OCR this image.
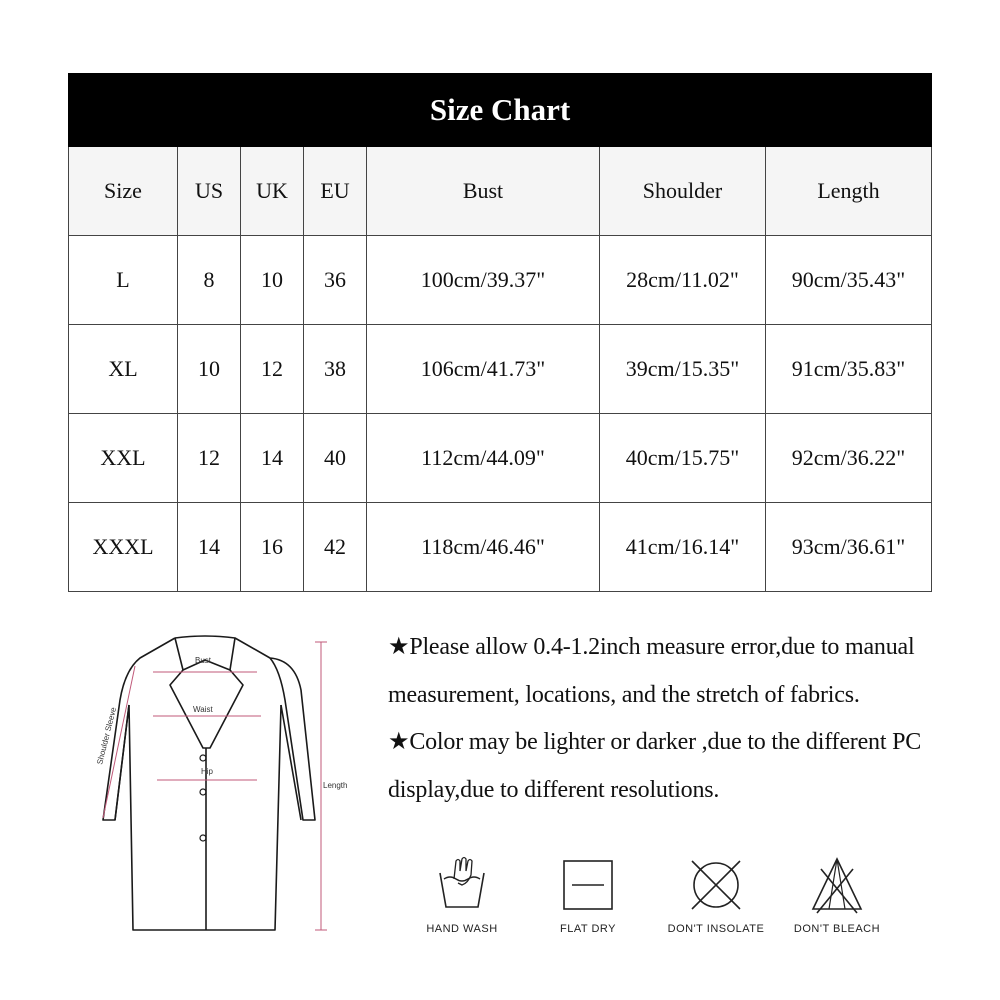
Size Chart						
Size	US	UK	EU	Bust	Shoulder	Length
L	8	10	36	100cm/39.37"	28cm/11.02"	90cm/35.43"
XL	10	12	38	106cm/41.73"	39cm/15.35"	91cm/35.83"
XXL	12	14	40	112cm/44.09"	40cm/15.75"	92cm/36.22"
XXXL	14	16	42	118cm/46.46"	41cm/16.14"	93cm/36.61"
Bust
Waist
Hip
Shoulder Sleeve
Length

★Please allow 0.4-1.2inch measure error,due to manual measurement, locations, and the stretch of fabrics.

★Color may be lighter or darker ,due to the different PC display,due to different resolutions.

HAND WASH	FLAT DRY	DON'T INSOLATE	DON'T BLEACH
